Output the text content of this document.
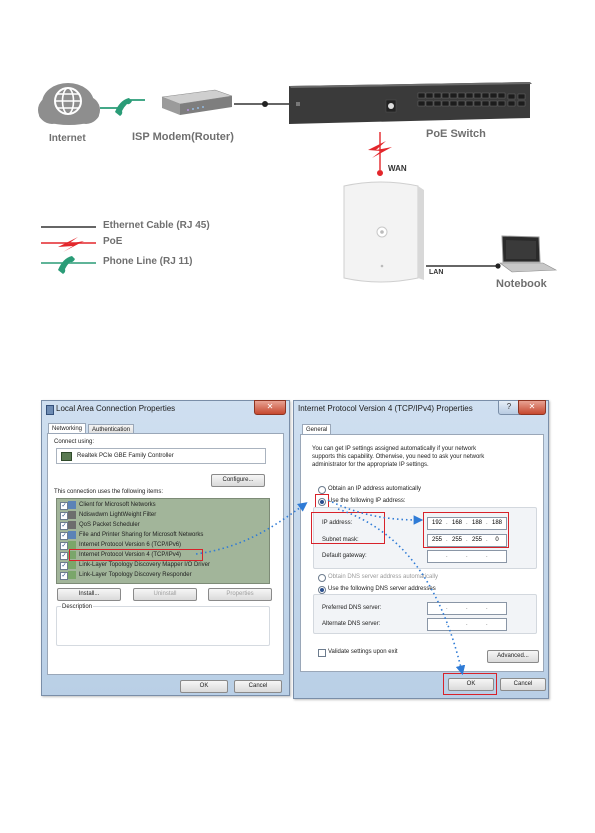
Internet	ISP Modem(Router)	PoE Switch
WAN
LAN
Notebook
Ethernet Cable (RJ 45)
PoE
Phone Line (RJ 11)
Local Area Connection Properties	✕
Networking	Authentication
Connect using:
Realtek PCIe GBE Family Controller
Configure...
This connection uses the following items:
✓ Client for Microsoft Networks
✓ Ndiswdwm LightWeight Filter
✓ QoS Packet Scheduler
✓ File and Printer Sharing for Microsoft Networks
✓ Internet Protocol Version 6 (TCP/IPv6)
✓ Internet Protocol Version 4 (TCP/IPv4)
✓ Link-Layer Topology Discovery Mapper I/O Driver
✓ Link-Layer Topology Discovery Responder
Install...	Uninstall	Properties
Description
OK	Cancel
Internet Protocol Version 4 (TCP/IPv4) Properties	?	✕
General
You can get IP settings assigned automatically if your network
supports this capability. Otherwise, you need to ask your network
administrator for the appropriate IP settings.
Obtain an IP address automatically
Use the following IP address:
IP address:	192 . 168 . 188 . 188
Subnet mask:	255 . 255 . 255 .	0
Default gateway:	.	.	.
Obtain DNS server address automatically
Use the following DNS server addresses
Preferred DNS server:	.	.	.
Alternate DNS server:	.	.	.
Validate settings upon exit
Advanced...
OK	Cancel
